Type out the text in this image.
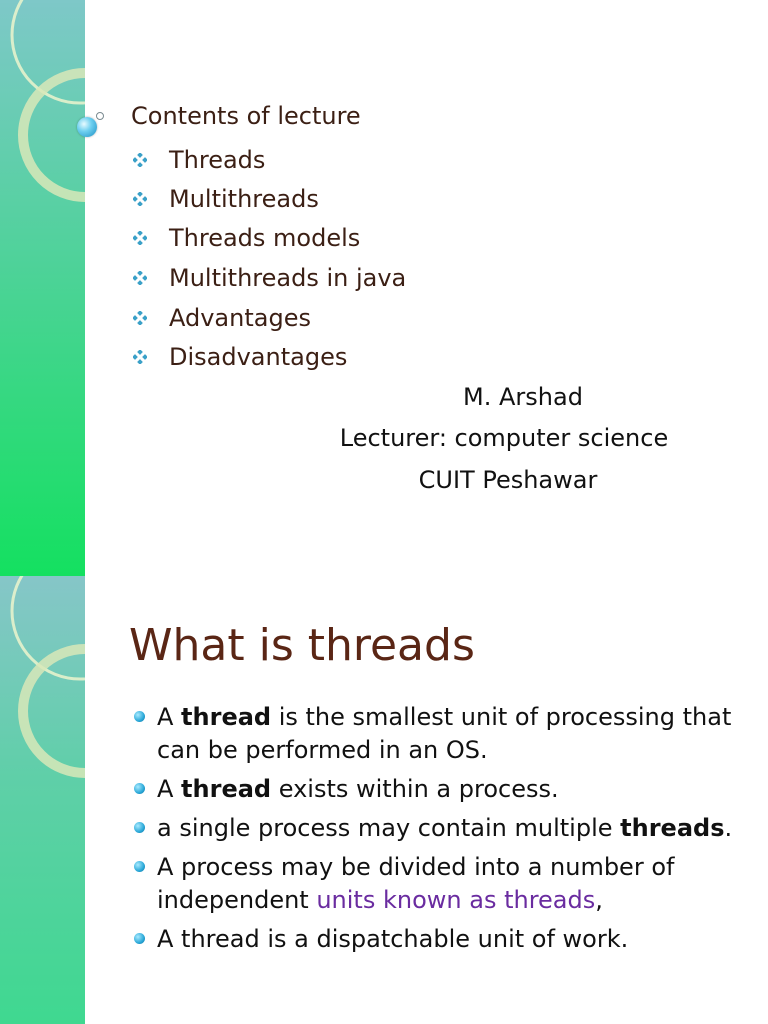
Contents of lecture
Threads
Multithreads
Threads models
Multithreads in java
Advantages
Disadvantages
M. Arshad
Lecturer: computer science
CUIT Peshawar
What is threads
A thread is the smallest unit of processing that can be performed in an OS.
A thread exists within a process.
a single process may contain multiple threads.
A process may be divided into a number of independent units known as threads,
A thread is a dispatchable unit of work.
